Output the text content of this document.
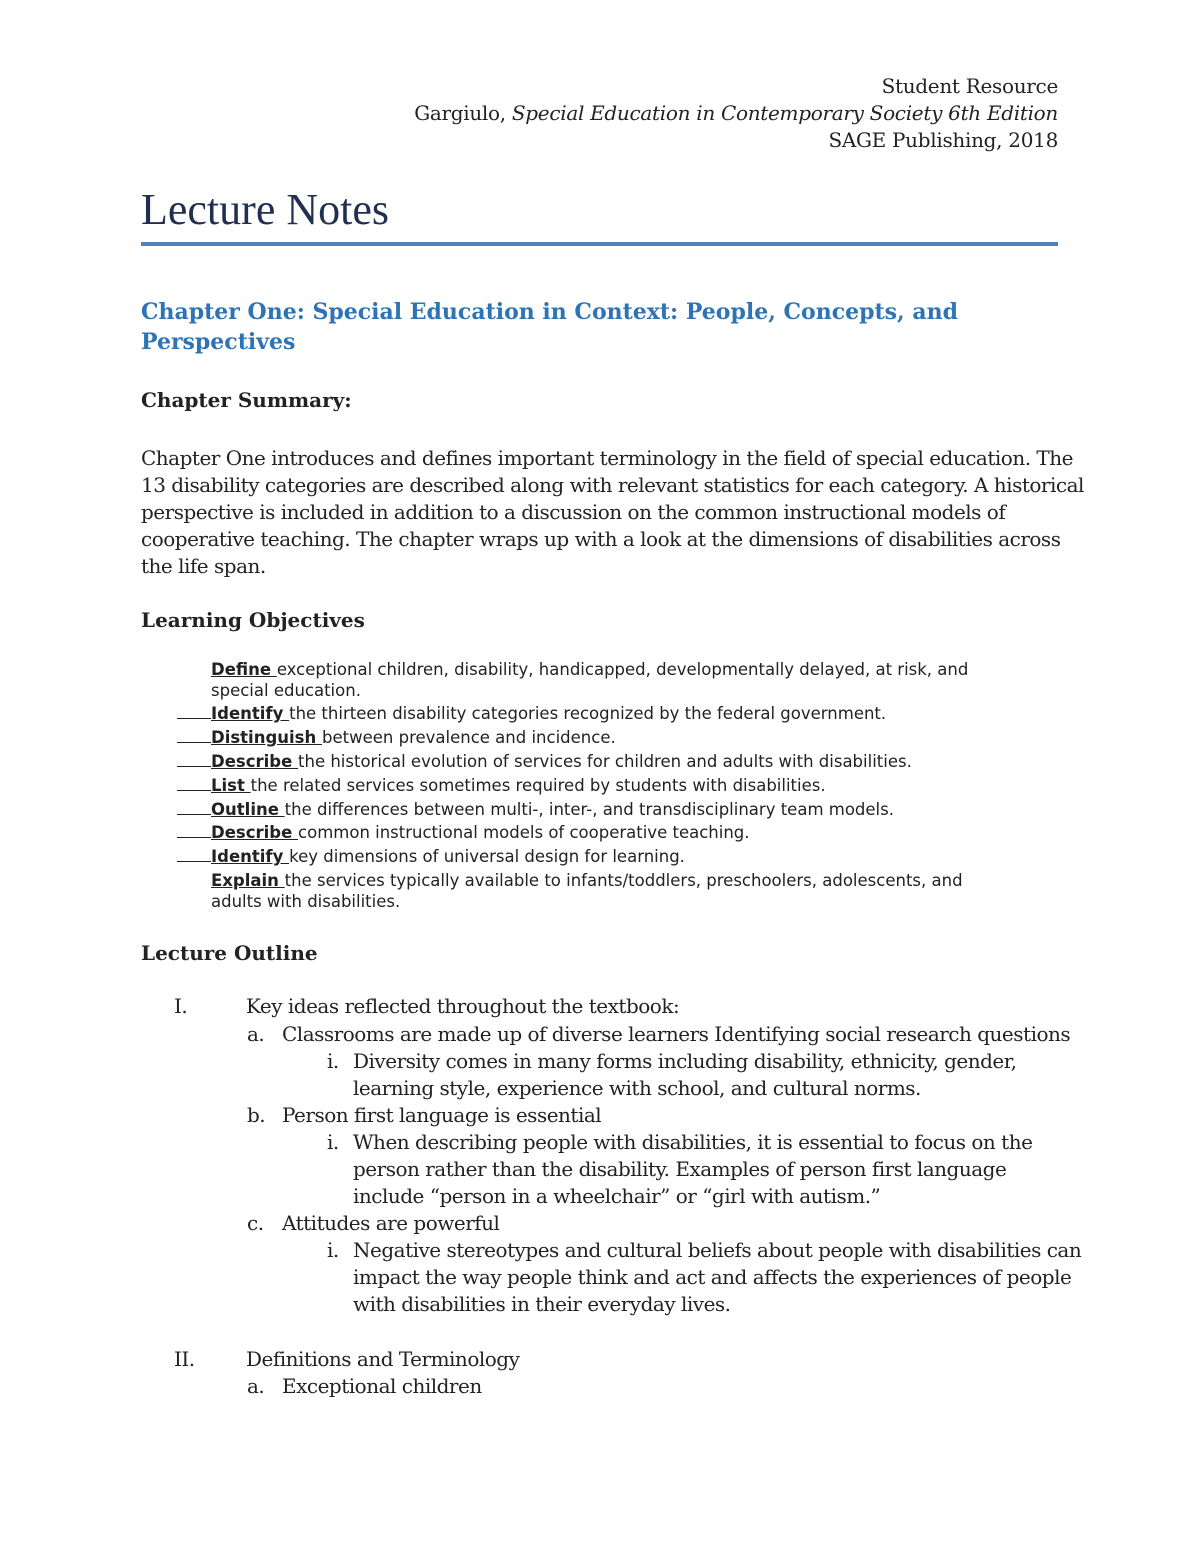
Student Resource
Gargiulo, Special Education in Contemporary Society 6th Edition
SAGE Publishing, 2018
Lecture Notes
Chapter One: Special Education in Context: People, Concepts, and Perspectives
Chapter Summary:
Chapter One introduces and defines important terminology in the field of special education. The
13 disability categories are described along with relevant statistics for each category. A historical
perspective is included in addition to a discussion on the common instructional models of
cooperative teaching. The chapter wraps up with a look at the dimensions of disabilities across
the life span.
Learning Objectives
Define exceptional children, disability, handicapped, developmentally delayed, at risk, and
special education.
Identify the thirteen disability categories recognized by the federal government.
Distinguish between prevalence and incidence.
Describe the historical evolution of services for children and adults with disabilities.
List the related services sometimes required by students with disabilities.
Outline the differences between multi-, inter-, and transdisciplinary team models.
Describe common instructional models of cooperative teaching.
Identify key dimensions of universal design for learning.
Explain the services typically available to infants/toddlers, preschoolers, adolescents, and
adults with disabilities.
Lecture Outline
I.	Key ideas reflected throughout the textbook:
a. Classrooms are made up of diverse learners Identifying social research questions
i. Diversity comes in many forms including disability, ethnicity, gender,
learning style, experience with school, and cultural norms.
b. Person first language is essential
i. When describing people with disabilities, it is essential to focus on the
person rather than the disability. Examples of person first language
include “person in a wheelchair” or “girl with autism.”
c. Attitudes are powerful
i. Negative stereotypes and cultural beliefs about people with disabilities can
impact the way people think and act and affects the experiences of people
with disabilities in their everyday lives.
II.	Definitions and Terminology
a. Exceptional children
